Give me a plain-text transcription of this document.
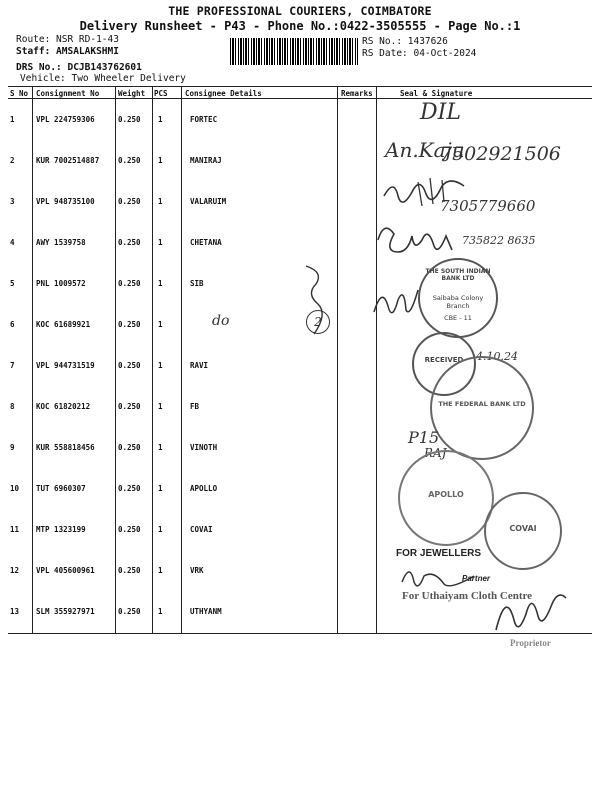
THE PROFESSIONAL COURIERS, COIMBATORE
Delivery Runsheet - P43 - Phone No.:0422-3505555 - Page No.:1
Route: NSR RD-1-43
Staff: AMSALAKSHMI
DRS No.: DCJB143762601
Vehicle: Two Wheeler Delivery
RS No.: 1437626
RS Date: 04-Oct-2024
S No Consignment No	Weight PCS Consignee Details	Remarks	Seal & Signature
1	VPL 224759306	0.250 1	FORTEC
2	KUR 7002514887	0.250 1	MANIRAJ
3	VPL 948735100	0.250 1	VALARUIM
4	AWY 1539758	0.250 1	CHETANA
5	PNL 1009572	0.250 1	SIB
6	KOC 61689921	0.250 1
7	VPL 944731519	0.250 1	RAVI
8	KOC 61820212	0.250 1	FB
9	KUR 558818456	0.250 1	VINOTH
10 TUT 6960307	0.250 1	APOLLO
11 MTP 1323199	0.250 1	COVAI
12 VPL 405600961	0.250 1	VRK
13 SLM 355927971	0.250 1	UTHYANM
DIL
An.Kaju
7502921506
7305779660
735822 8635
THE SOUTH INDIAN BANK LTD
Saibaba Colony Branch
CBE - 11
do	2
RECEIVED	4.10.24
THE FEDERAL BANK LTD
P15
RAJ
APOLLO
COVAI
FOR JEWELLERS
Partner
For Uthaiyam Cloth Centre
Proprietor
